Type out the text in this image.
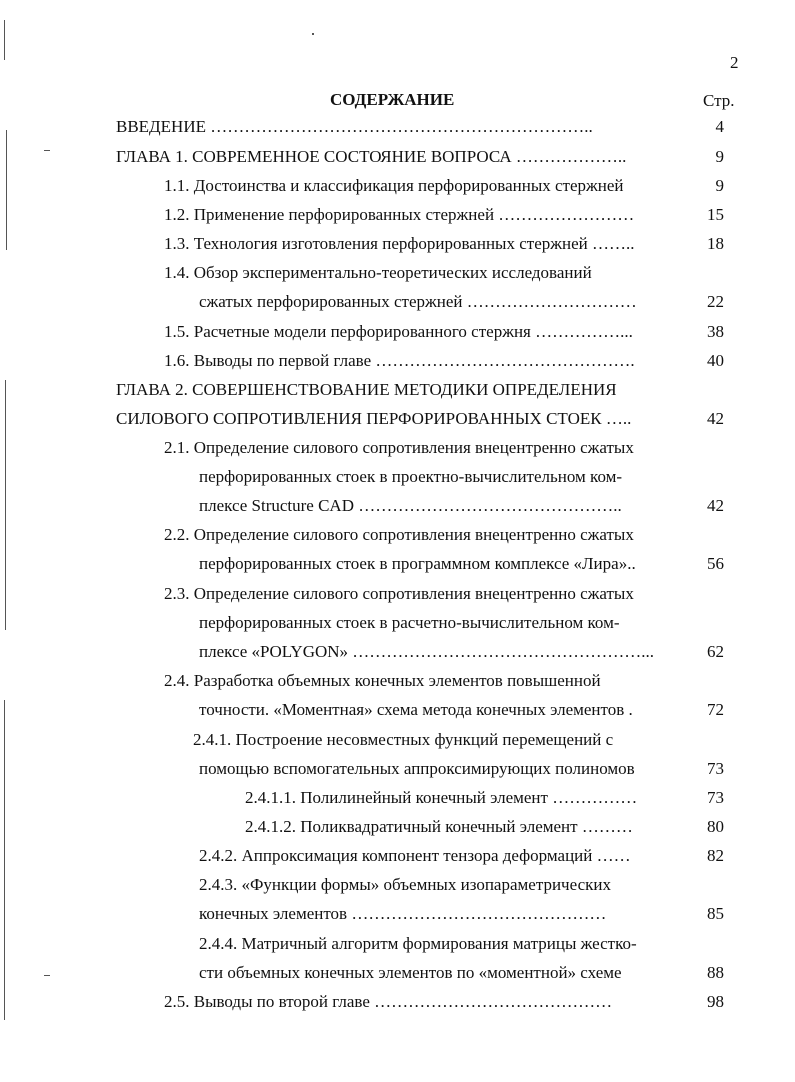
2
СОДЕРЖАНИЕ	Стр.
ВВЕДЕНИЕ …………………………………………………………..	4
ГЛАВА 1. СОВРЕМЕННОЕ СОСТОЯНИЕ ВОПРОСА ………………..	9
1.1. Достоинства и классификация перфорированных стержней	9
1.2. Применение перфорированных стержней ……………………	15
1.3. Технология изготовления перфорированных стержней ……..	18
1.4. Обзор экспериментально-теоретических исследований
сжатых перфорированных стержней …………………………	22
1.5. Расчетные модели перфорированного стержня ……………...	38
1.6. Выводы по первой главе ……………………………………….	40
ГЛАВА 2. СОВЕРШЕНСТВОВАНИЕ МЕТОДИКИ ОПРЕДЕЛЕНИЯ
СИЛОВОГО СОПРОТИВЛЕНИЯ ПЕРФОРИРОВАННЫХ СТОЕК …..	42
2.1. Определение силового сопротивления внецентренно сжатых
перфорированных стоек в проектно-вычислительном ком-
плексе Structure CAD ………………………………………..	42
2.2. Определение силового сопротивления внецентренно сжатых
перфорированных стоек в программном комплексе «Лира»..	56
2.3. Определение силового сопротивления внецентренно сжатых
перфорированных стоек в расчетно-вычислительном ком-
плексе «POLYGON» ……………………………………………...	62
2.4. Разработка объемных конечных элементов повышенной
точности. «Моментная» схема метода конечных элементов .	72
2.4.1. Построение несовместных функций перемещений с
помощью вспомогательных аппроксимирующих полиномов	73
2.4.1.1. Полилинейный конечный элемент ……………	73
2.4.1.2. Поликвадратичный конечный элемент ………	80
2.4.2. Аппроксимация компонент тензора деформаций ……	82
2.4.3. «Функции формы» объемных изопараметрических
конечных элементов ………………………………………	85
2.4.4. Матричный алгоритм формирования матрицы жестко-
сти объемных конечных элементов по «моментной» схеме	88
2.5. Выводы по второй главе ……………………………………	98
